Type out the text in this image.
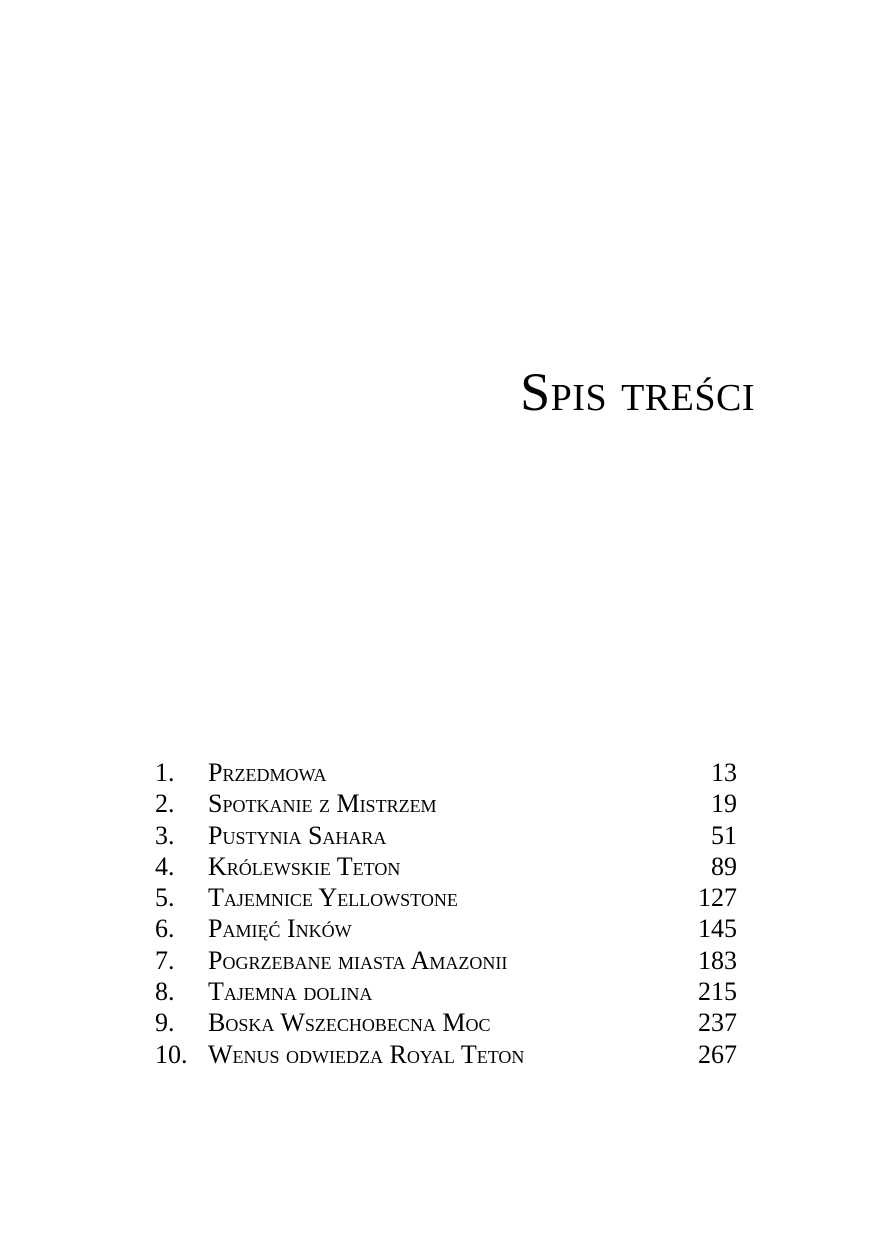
Spis treści
1. Przedmowa	13
2. Spotkanie z Mistrzem	19
3. Pustynia Sahara	51
4. Królewskie Teton	89
5. Tajemnice Yellowstone	127
6. Pamięć Inków	145
7. Pogrzebane miasta Amazonii	183
8. Tajemna dolina	215
9. Boska Wszechobecna Moc	237
10. Wenus odwiedza Royal Teton	267
